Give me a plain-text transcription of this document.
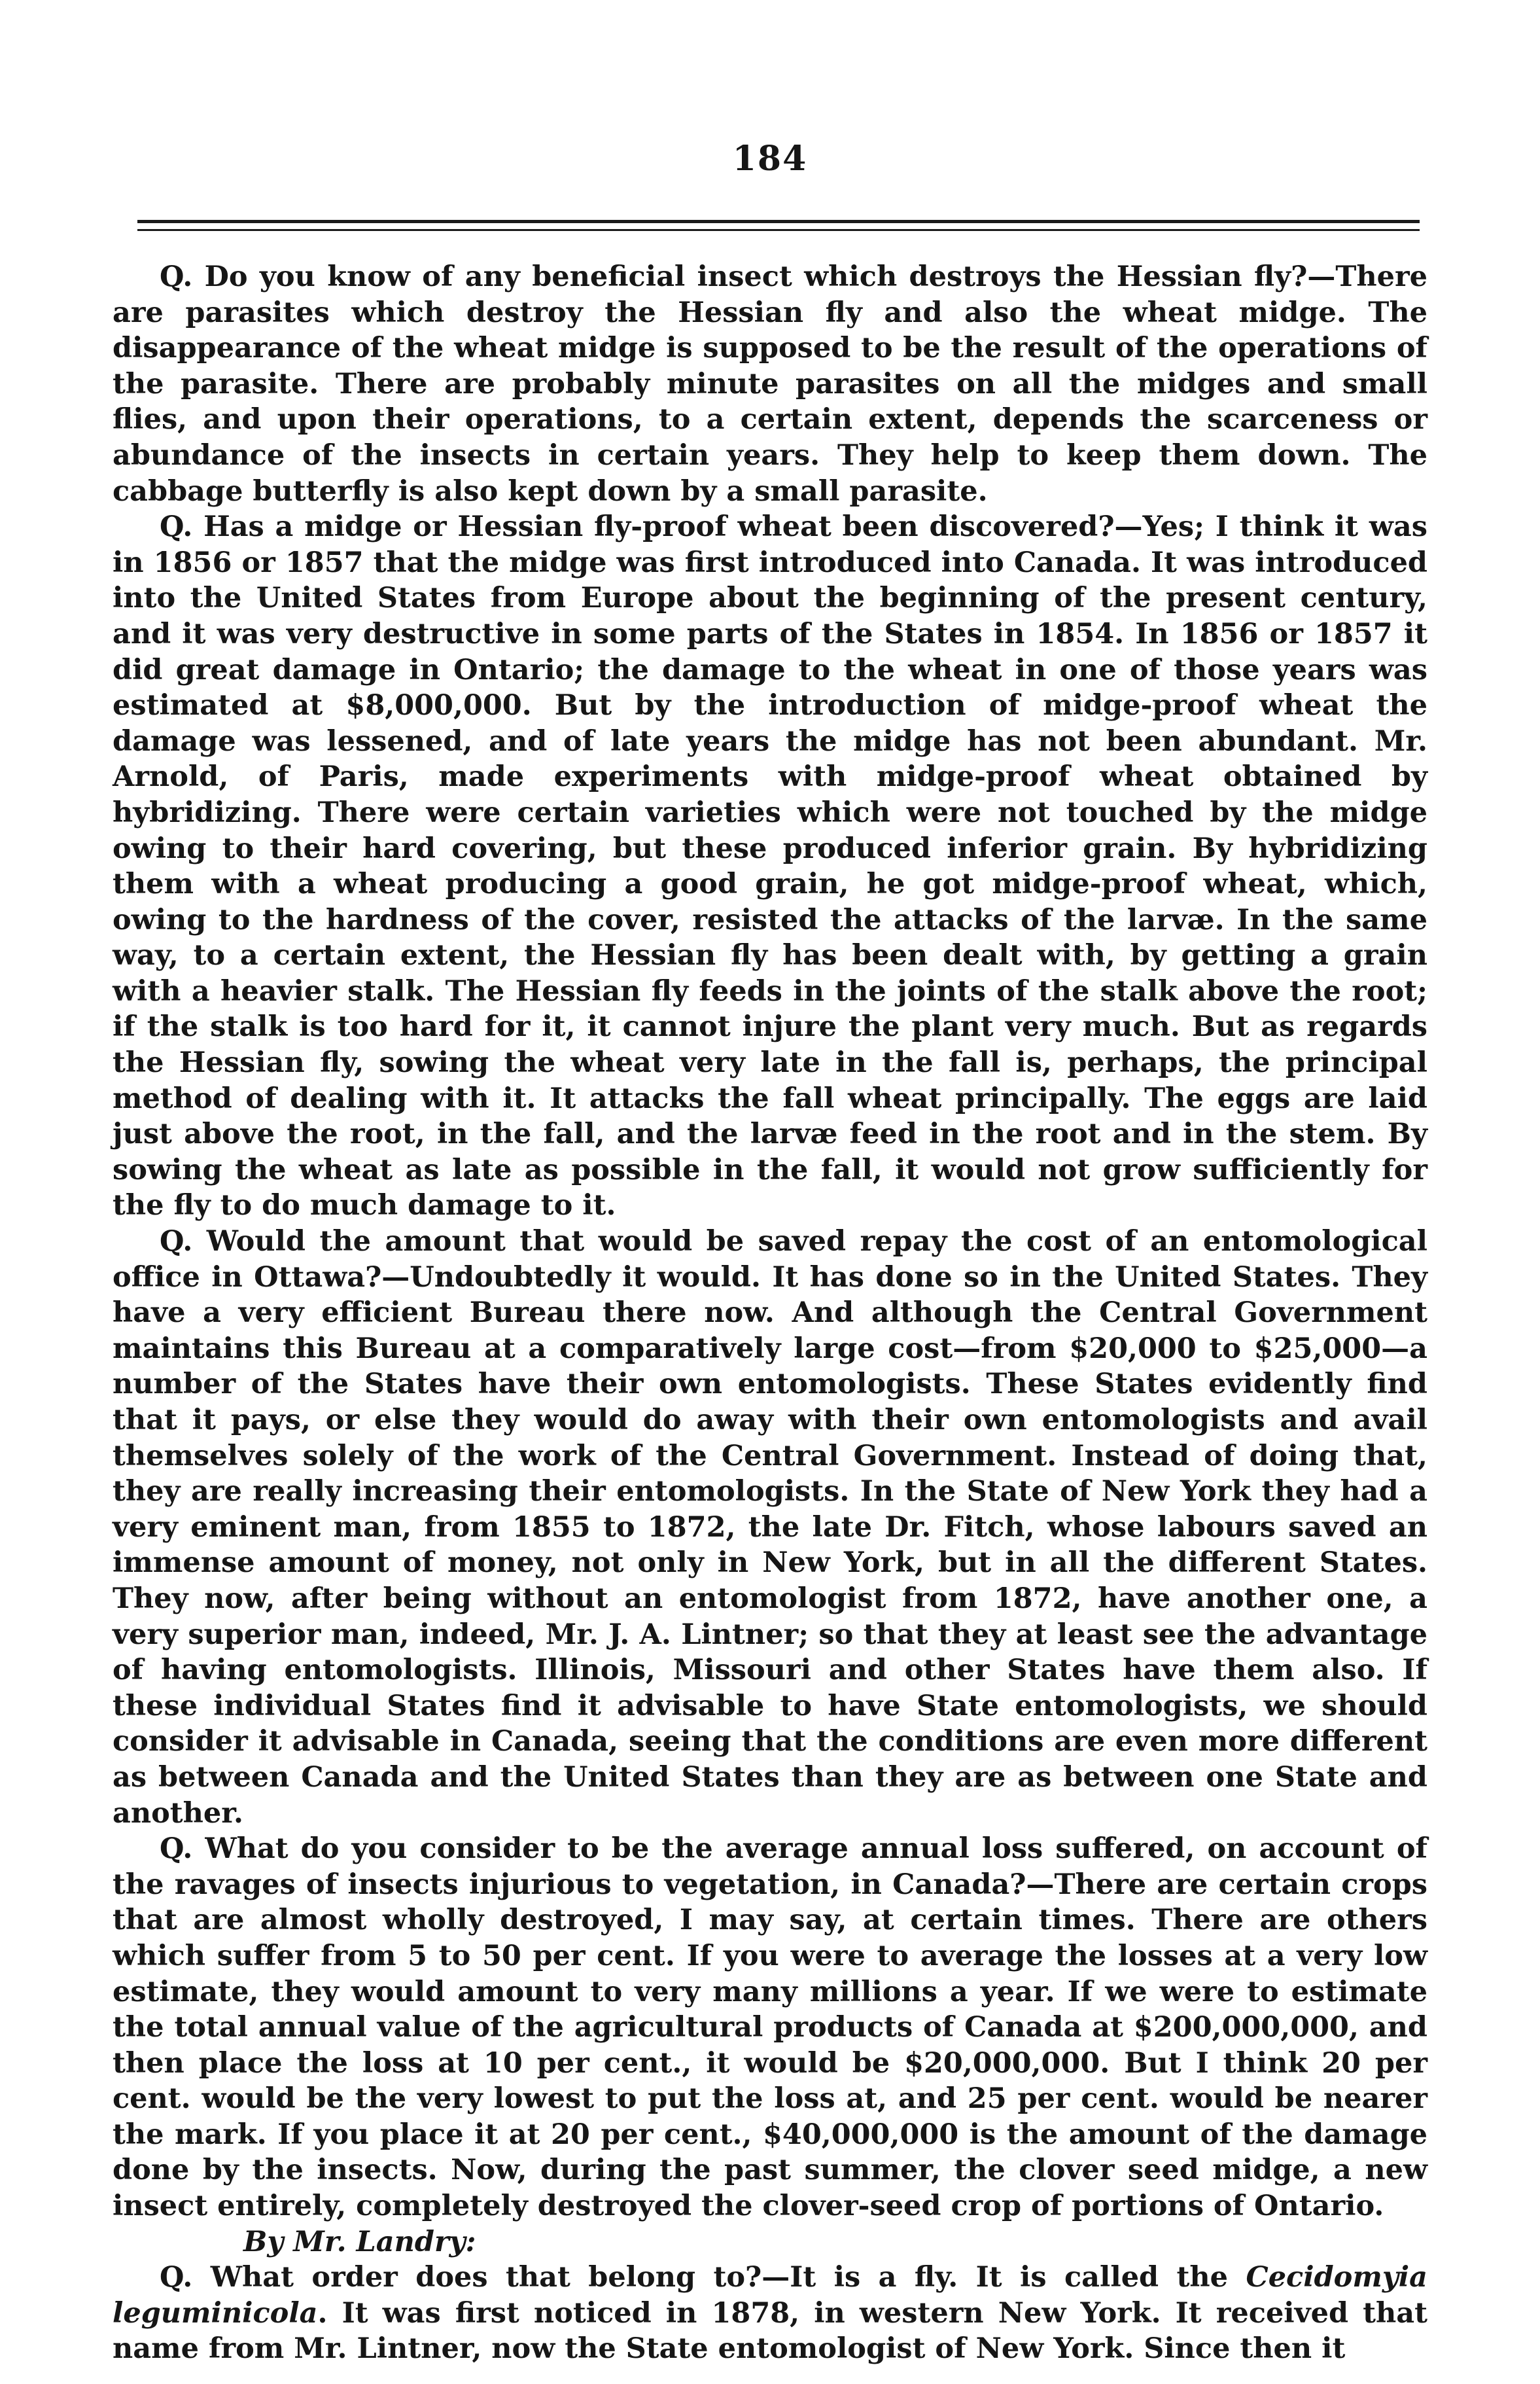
184

Q. Do you know of any beneficial insect which destroys the Hessian fly?—There are parasites which destroy the Hessian fly and also the wheat midge. The disappearance of the wheat midge is supposed to be the result of the operations of the parasite. There are probably minute parasites on all the midges and small flies, and upon their operations, to a certain extent, depends the scarceness or abundance of the insects in certain years. They help to keep them down. The cabbage butterfly is also kept down by a small parasite.

Q. Has a midge or Hessian fly-proof wheat been discovered?—Yes; I think it was in 1856 or 1857 that the midge was first introduced into Canada. It was introduced into the United States from Europe about the beginning of the present century, and it was very destructive in some parts of the States in 1854. In 1856 or 1857 it did great damage in Ontario; the damage to the wheat in one of those years was estimated at $8,000,000. But by the introduction of midge-proof wheat the damage was lessened, and of late years the midge has not been abundant. Mr. Arnold, of Paris, made experiments with midge-proof wheat obtained by hybridizing. There were certain varieties which were not touched by the midge owing to their hard covering, but these produced inferior grain. By hybridizing them with a wheat producing a good grain, he got midge-proof wheat, which, owing to the hardness of the cover, resisted the attacks of the larvæ. In the same way, to a certain extent, the Hessian fly has been dealt with, by getting a grain with a heavier stalk. The Hessian fly feeds in the joints of the stalk above the root; if the stalk is too hard for it, it cannot injure the plant very much. But as regards the Hessian fly, sowing the wheat very late in the fall is, perhaps, the principal method of dealing with it. It attacks the fall wheat principally. The eggs are laid just above the root, in the fall, and the larvæ feed in the root and in the stem. By sowing the wheat as late as possible in the fall, it would not grow sufficiently for the fly to do much damage to it.

Q. Would the amount that would be saved repay the cost of an entomological office in Ottawa?—Undoubtedly it would. It has done so in the United States. They have a very efficient Bureau there now. And although the Central Government maintains this Bureau at a comparatively large cost—from $20,000 to $25,000—a number of the States have their own entomologists. These States evidently find that it pays, or else they would do away with their own entomologists and avail themselves solely of the work of the Central Government. Instead of doing that, they are really increasing their entomologists. In the State of New York they had a very eminent man, from 1855 to 1872, the late Dr. Fitch, whose labours saved an immense amount of money, not only in New York, but in all the different States. They now, after being without an entomologist from 1872, have another one, a very superior man, indeed, Mr. J. A. Lintner; so that they at least see the advantage of having entomologists. Illinois, Missouri and other States have them also. If these individual States find it advisable to have State entomologists, we should consider it advisable in Canada, seeing that the conditions are even more different as between Canada and the United States than they are as between one State and another.

Q. What do you consider to be the average annual loss suffered, on account of the ravages of insects injurious to vegetation, in Canada?—There are certain crops that are almost wholly destroyed, I may say, at certain times. There are others which suffer from 5 to 50 per cent. If you were to average the losses at a very low estimate, they would amount to very many millions a year. If we were to estimate the total annual value of the agricultural products of Canada at $200,000,000, and then place the loss at 10 per cent., it would be $20,000,000. But I think 20 per cent. would be the very lowest to put the loss at, and 25 per cent. would be nearer the mark. If you place it at 20 per cent., $40,000,000 is the amount of the damage done by the insects. Now, during the past summer, the clover seed midge, a new insect entirely, completely destroyed the clover-seed crop of portions of Ontario.

By Mr. Landry:

Q. What order does that belong to?—It is a fly. It is called the Cecidomyia leguminicola. It was first noticed in 1878, in western New York. It received that name from Mr. Lintner, now the State entomologist of New York. Since then it
